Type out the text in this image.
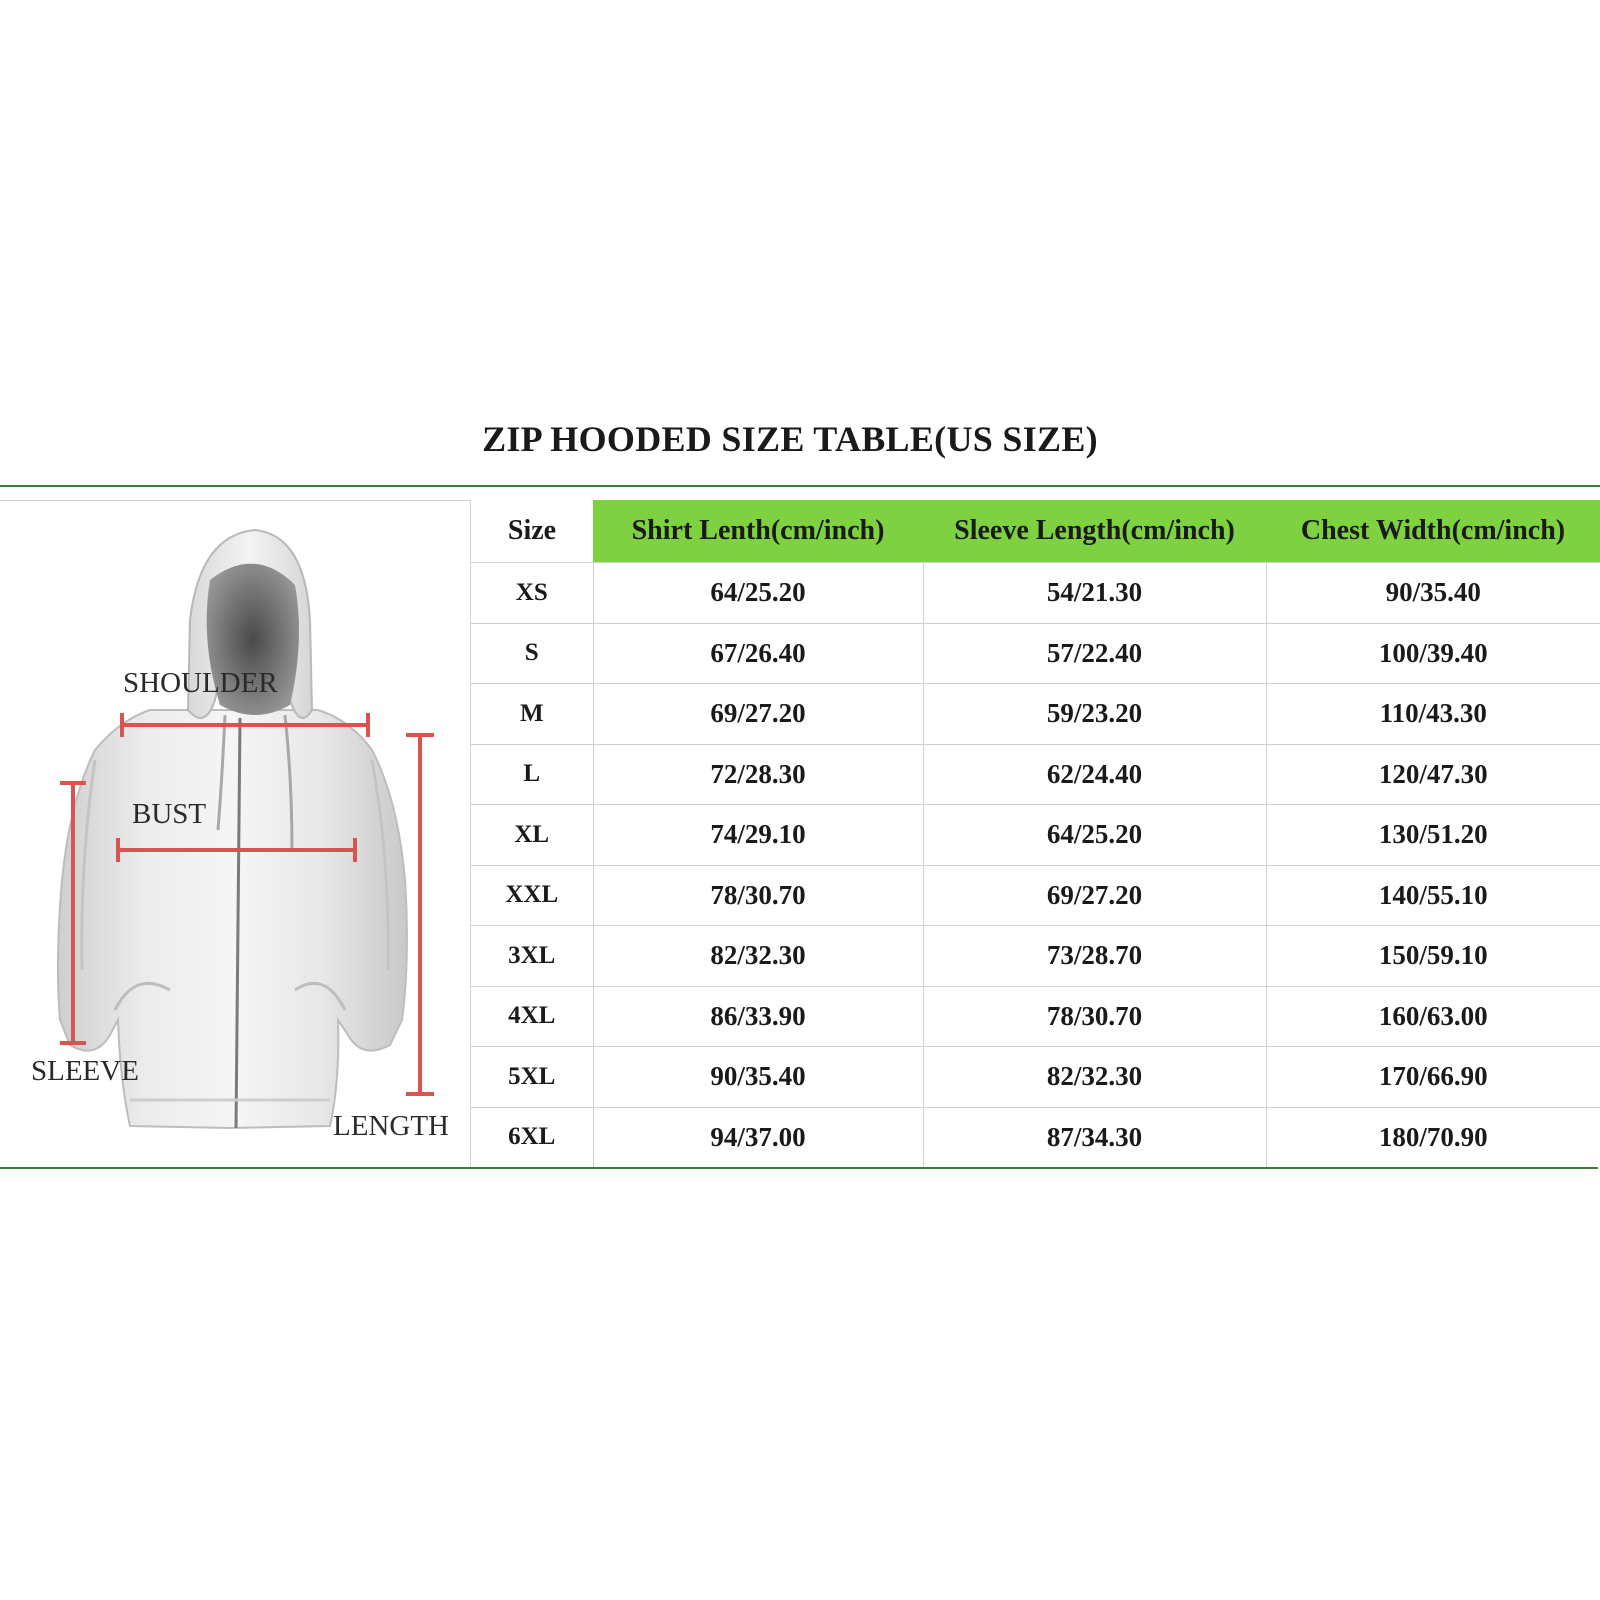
ZIP HOODED SIZE TABLE(US SIZE)
SHOULDER
BUST
SLEEVE
LENGTH
Size	Shirt Lenth(cm/inch)	Sleeve Length(cm/inch)	Chest Width(cm/inch)
XS	64/25.20	54/21.30	90/35.40
S	67/26.40	57/22.40	100/39.40
M	69/27.20	59/23.20	110/43.30
L	72/28.30	62/24.40	120/47.30
XL	74/29.10	64/25.20	130/51.20
XXL	78/30.70	69/27.20	140/55.10
3XL	82/32.30	73/28.70	150/59.10
4XL	86/33.90	78/30.70	160/63.00
5XL	90/35.40	82/32.30	170/66.90
6XL	94/37.00	87/34.30	180/70.90
